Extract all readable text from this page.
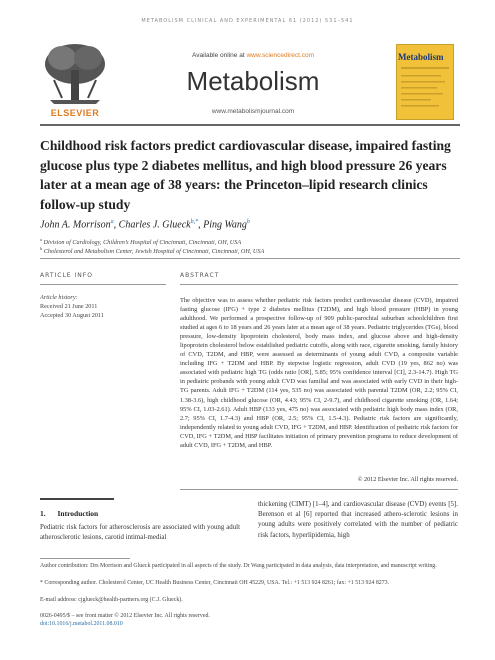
METABOLISM CLINICAL AND EXPERIMENTAL 61 (2012) 531–541
ELSEVIER
Available online at www.sciencedirect.com
Metabolism
www.metabolismjournal.com
Metabolism
Childhood risk factors predict cardiovascular disease, impaired fasting glucose plus type 2 diabetes mellitus, and high blood pressure 26 years later at a mean age of 38 years: the Princeton–lipid research clinics follow-up study
John A. Morrison$^a$, Charles J. Glueck$^{b,*}$, Ping Wang$^b$
$^a$ Division of Cardiology, Children’s Hospital of Cincinnati, Cincinnati, OH, USA
$^b$ Cholesterol and Metabolism Center, Jewish Hospital of Cincinnati, Cincinnati, OH, USA
ARTICLE INFO
Article history:
Received 21 June 2011
Accepted 30 August 2011
ABSTRACT
The objective was to assess whether pediatric risk factors predict cardiovascular disease (CVD), impaired fasting glucose (IFG) + type 2 diabetes mellitus (T2DM), and high blood pressure (HBP) in young adulthood. We performed a prospective follow-up of 909 public-parochial suburban schoolchildren first studied at ages 6 to 18 years and 26 years later at a mean age of 38 years. Pediatric triglycerides (TGs), blood pressure, low-density lipoprotein cholesterol, body mass index, and glucose above and high-density lipoprotein cholesterol below established pediatric cutoffs, along with race, cigarette smoking, family history of CVD, T2DM, and HBP, were assessed as determinants of young adult CVD, a composite variable including IFG + T2DM and HBP. By stepwise logistic regression, adult CVD (19 yes, 862 no) was associated with pediatric high TG (odds ratio [OR], 5.85; 95% confidence interval [CI], 2.3-14.7). High TG in pediatric probands with young adult CVD was familial and was associated with early CVD in their high-TG parents. Adult IFG + T2DM (114 yes, 535 no) was associated with parental T2DM (OR, 2.2; 95% CI, 1.38-3.6), high childhood glucose (OR, 4.43; 95% CI, 2-9.7), and childhood cigarette smoking (OR, 1.64; 95% CI, 1.03-2.61). Adult HBP (133 yes, 475 no) was associated with pediatric high body mass index (OR, 2.7; 95% CI, 1.7-4.3) and HBP (OR, 2.5; 95% CI, 1.5-4.3). Pediatric risk factors are significantly, independently related to young adult CVD, IFG + T2DM, and HBP. Identification of pediatric risk factors for CVD, IFG + T2DM, and HBP facilitates initiation of primary prevention programs to reduce development of adult CVD, IFG + T2DM, and HBP.
© 2012 Elsevier Inc. All rights reserved.
1. Introduction
Pediatric risk factors for atherosclerosis are associated with young adult atherosclerotic lesions, carotid intimal-medial
thickening (CIMT) [1–4], and cardiovascular disease (CVD) events [5]. Berenson et al [6] reported that increased athero-sclerotic lesions in young adults were positively correlated with the number of pediatric risk factors, hyperlipidemia, high
Author contribution: Drs Morrison and Glueck participated in all aspects of the study. Dr Wang participated in data analysis, data interpretation, and manuscript writing.
* Corresponding author. Cholesterol Center, UC Health Business Center, Cincinnati OH 45229, USA. Tel.: +1 513 924 8261; fax: +1 513 924 8273.
E-mail address: cjglueck@health-partners.org (C.J. Glueck).
0026-0495/$ – see front matter © 2012 Elsevier Inc. All rights reserved.
doi:10.1016/j.metabol.2011.08.010
